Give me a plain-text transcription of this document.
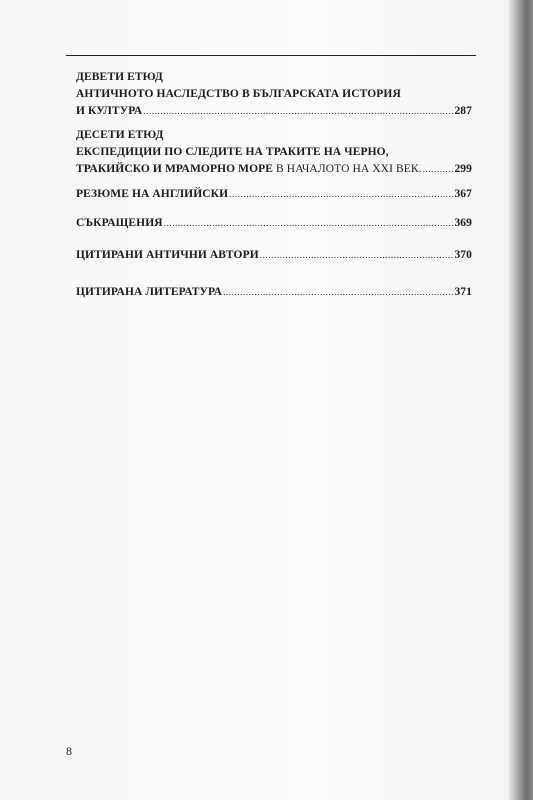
ДЕВЕТИ ЕТЮД
АНТИЧНОТО НАСЛЕДСТВО В БЪЛГАРСКАТА ИСТОРИЯ
И КУЛТУРА .....	287
ДЕСЕТИ ЕТЮД
ЕКСПЕДИЦИИ ПО СЛЕДИТЕ НА ТРАКИТЕ НА ЧЕРНО,
ТРАКИЙСКО И МРАМОРНО МОРЕ В НАЧАЛОТО НА XXI ВЕК. .....	299
РЕЗЮМЕ НА АНГЛИЙСКИ .....	367
СЪКРАЩЕНИЯ .....	369
ЦИТИРАНИ АНТИЧНИ АВТОРИ .....	370
ЦИТИРАНА ЛИТЕРАТУРА .....	371
8
